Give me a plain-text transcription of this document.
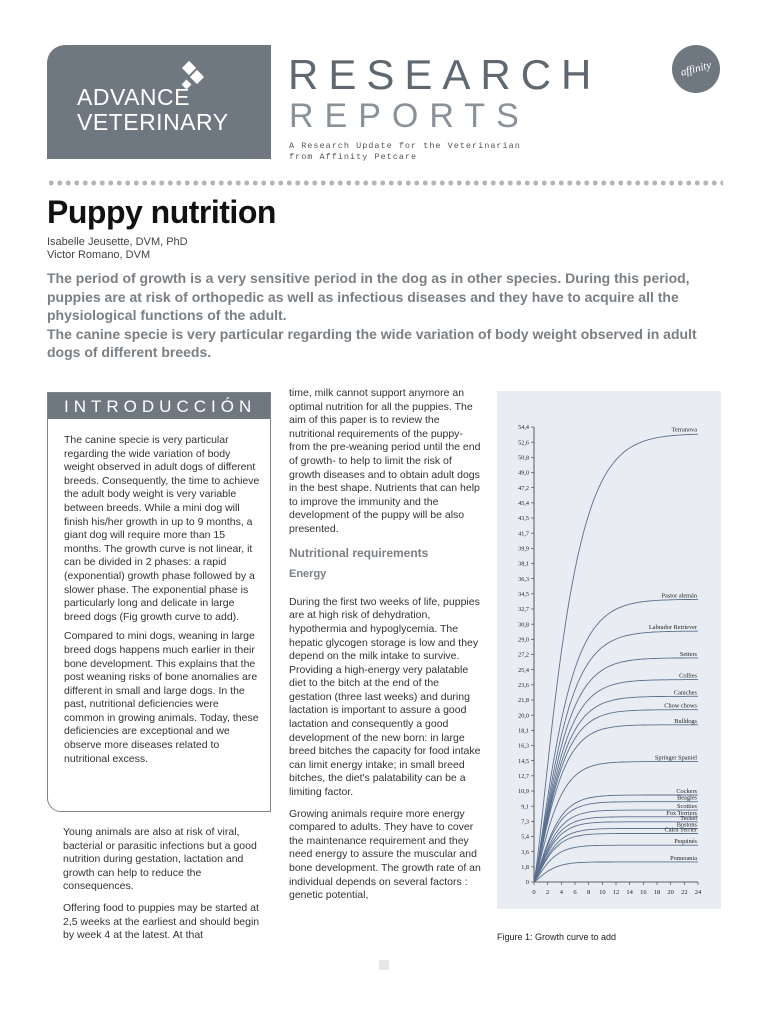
ADVANCE
VETERINARY
RESEARCH
REPORTS
A Research Update for the Veterinarian
from Affinity Petcare
affinity
Puppy nutrition
Isabelle Jeusette, DVM, PhD
Victor Romano, DVM

The period of growth is a very sensitive period in the dog as in other species. During this period, puppies are at risk of orthopedic as well as infectious diseases and they have to acquire all the physiological functions of the adult.

The canine specie is very particular regarding the wide variation of body weight observed in adult dogs of different breeds.

INTRODUCCIÓN

The canine specie is very particular regarding the wide variation of body weight observed in adult dogs of different breeds. Consequently, the time to achieve the adult body weight is very variable between breeds. While a mini dog will finish his/her growth in up to 9 months, a giant dog will require more than 15 months. The growth curve is not linear, it can be divided in 2 phases: a rapid (exponential) growth phase followed by a slower phase. The exponential phase is particularly long and delicate in large breed dogs (Fig growth curve to add).

Compared to mini dogs, weaning in large breed dogs happens much earlier in their bone development. This explains that the post weaning risks of bone anomalies are different in small and large dogs. In the past, nutritional deficiencies were common in growing animals. Today, these deficiencies are exceptional and we observe more diseases related to nutritional excess.

Young animals are also at risk of viral, bacterial or parasitic infections but a good nutrition during gestation, lactation and growth can help to reduce the consequences.

Offering food to puppies may be started at 2,5 weeks at the earliest and should begin by week 4 at the latest. At that

time, milk cannot support anymore an optimal nutrition for all the puppies. The aim of this paper is to review the nutritional requirements of the puppy- from the pre-weaning period until the end of growth- to help to limit the risk of growth diseases and to obtain adult dogs in the best shape. Nutrients that can help to improve the immunity and the development of the puppy will be also presented.

Nutritional requirements
Energy

During the first two weeks of life, puppies are at high risk of dehydration, hypothermia and hypoglycemia. The hepatic glycogen storage is low and they depend on the milk intake to survive. Providing a high-energy very palatable diet to the bitch at the end of the gestation (three last weeks) and during lactation is important to assure a good lactation and consequently a good development of the new born: in large breed bitches the capacity for food intake can limit energy intake; in small breed bitches, the diet's palatability can be a limiting factor.

Growing animals require more energy compared to adults. They have to cover the maintenance requirement and they need energy to assure the muscular and bone development. The growth rate of an individual depends on several factors : genetic potential,

0
1,8
3,6
5,4
7,3
9,1
10,9
12,7
14,5
16,3
18,1
20,0
21,8
23,6
25,4
27,2
29,0
30,8
32,7
34,5
36,3
38,1
39,9
41,7
43,5
45,4
47,2
49,0
50,8
52,6
54,4
0 2 4 6 8 10 12 14 16 18 20 22 24
Terranova
Pastor alemán
Labrador Retriever
Setters
Collies
Caniches
Chow chows
Bulldogs
Springer Spaniel
Cockers
Beagles
Scotties
Fox Terriers
Teckel
Bostons
Cairn Terrier
Pequinés
Pomerania
Figure 1: Growth curve to add
